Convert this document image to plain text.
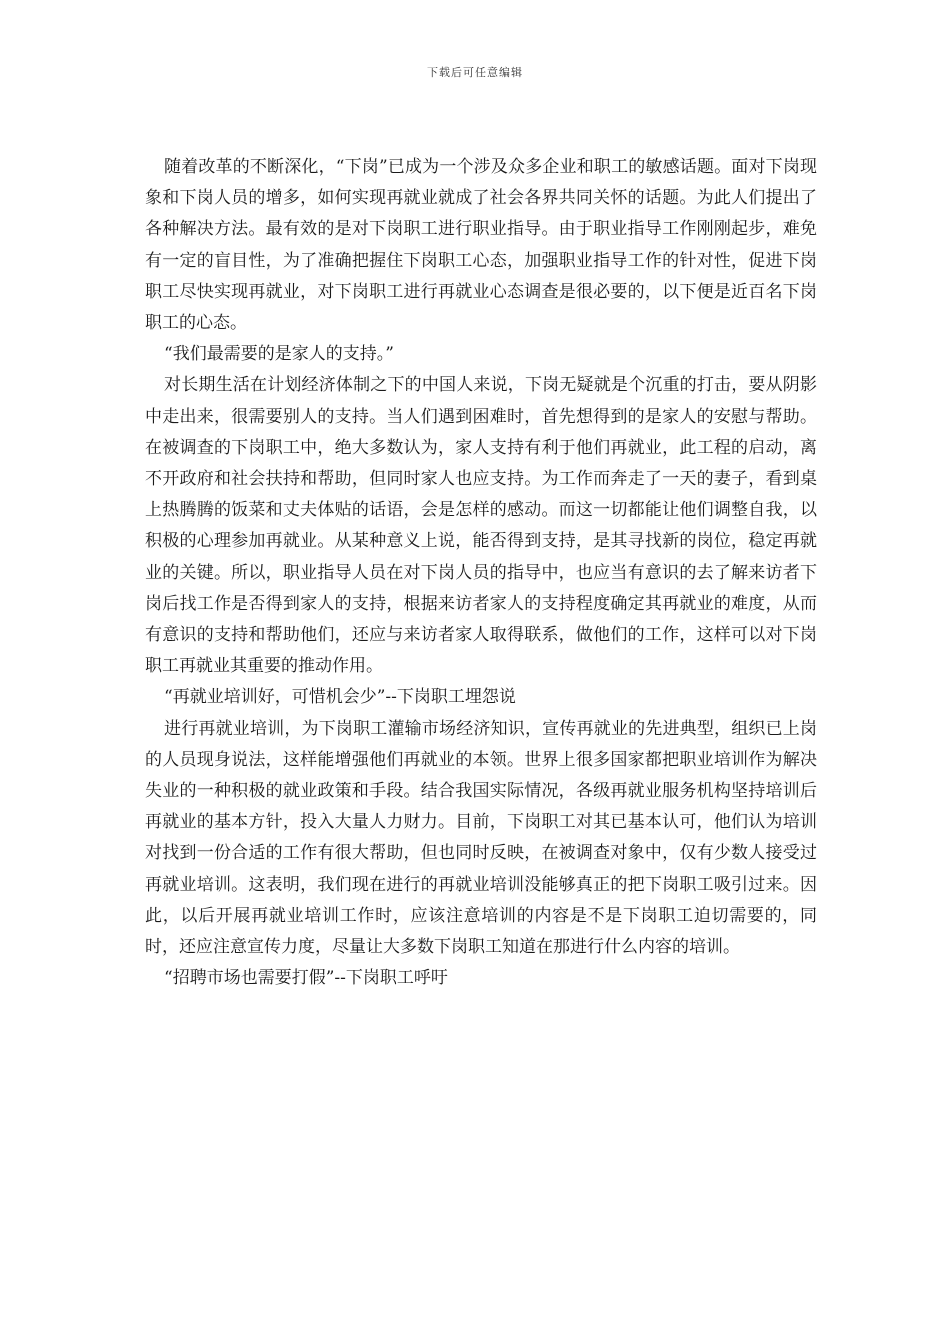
下载后可任意编辑

随着改革的不断深化，“下岗”已成为一个涉及众多企业和职工的敏感话题。面对下岗现象和下岗人员的增多，如何实现再就业就成了社会各界共同关怀的话题。为此人们提出了各种解决方法。最有效的是对下岗职工进行职业指导。由于职业指导工作刚刚起步，难免有一定的盲目性，为了准确把握住下岗职工心态，加强职业指导工作的针对性，促进下岗职工尽快实现再就业，对下岗职工进行再就业心态调查是很必要的，以下便是近百名下岗职工的心态。

“我们最需要的是家人的支持。”

对长期生活在计划经济体制之下的中国人来说，下岗无疑就是个沉重的打击，要从阴影中走出来，很需要别人的支持。当人们遇到困难时，首先想得到的是家人的安慰与帮助。在被调查的下岗职工中，绝大多数认为，家人支持有利于他们再就业，此工程的启动，离不开政府和社会扶持和帮助，但同时家人也应支持。为工作而奔走了一天的妻子，看到桌上热腾腾的饭菜和丈夫体贴的话语，会是怎样的感动。而这一切都能让他们调整自我，以积极的心理参加再就业。从某种意义上说，能否得到支持，是其寻找新的岗位，稳定再就业的关键。所以，职业指导人员在对下岗人员的指导中，也应当有意识的去了解来访者下岗后找工作是否得到家人的支持，根据来访者家人的支持程度确定其再就业的难度，从而有意识的支持和帮助他们，还应与来访者家人取得联系，做他们的工作，这样可以对下岗职工再就业其重要的推动作用。

“再就业培训好，可惜机会少”--下岗职工埋怨说

进行再就业培训，为下岗职工灌输市场经济知识，宣传再就业的先进典型，组织已上岗的人员现身说法，这样能增强他们再就业的本领。世界上很多国家都把职业培训作为解决失业的一种积极的就业政策和手段。结合我国实际情况，各级再就业服务机构坚持培训后再就业的基本方针，投入大量人力财力。目前，下岗职工对其已基本认可，他们认为培训对找到一份合适的工作有很大帮助，但也同时反映，在被调查对象中，仅有少数人接受过再就业培训。这表明，我们现在进行的再就业培训没能够真正的把下岗职工吸引过来。因此，以后开展再就业培训工作时，应该注意培训的内容是不是下岗职工迫切需要的，同时，还应注意宣传力度，尽量让大多数下岗职工知道在那进行什么内容的培训。

“招聘市场也需要打假”--下岗职工呼吁
